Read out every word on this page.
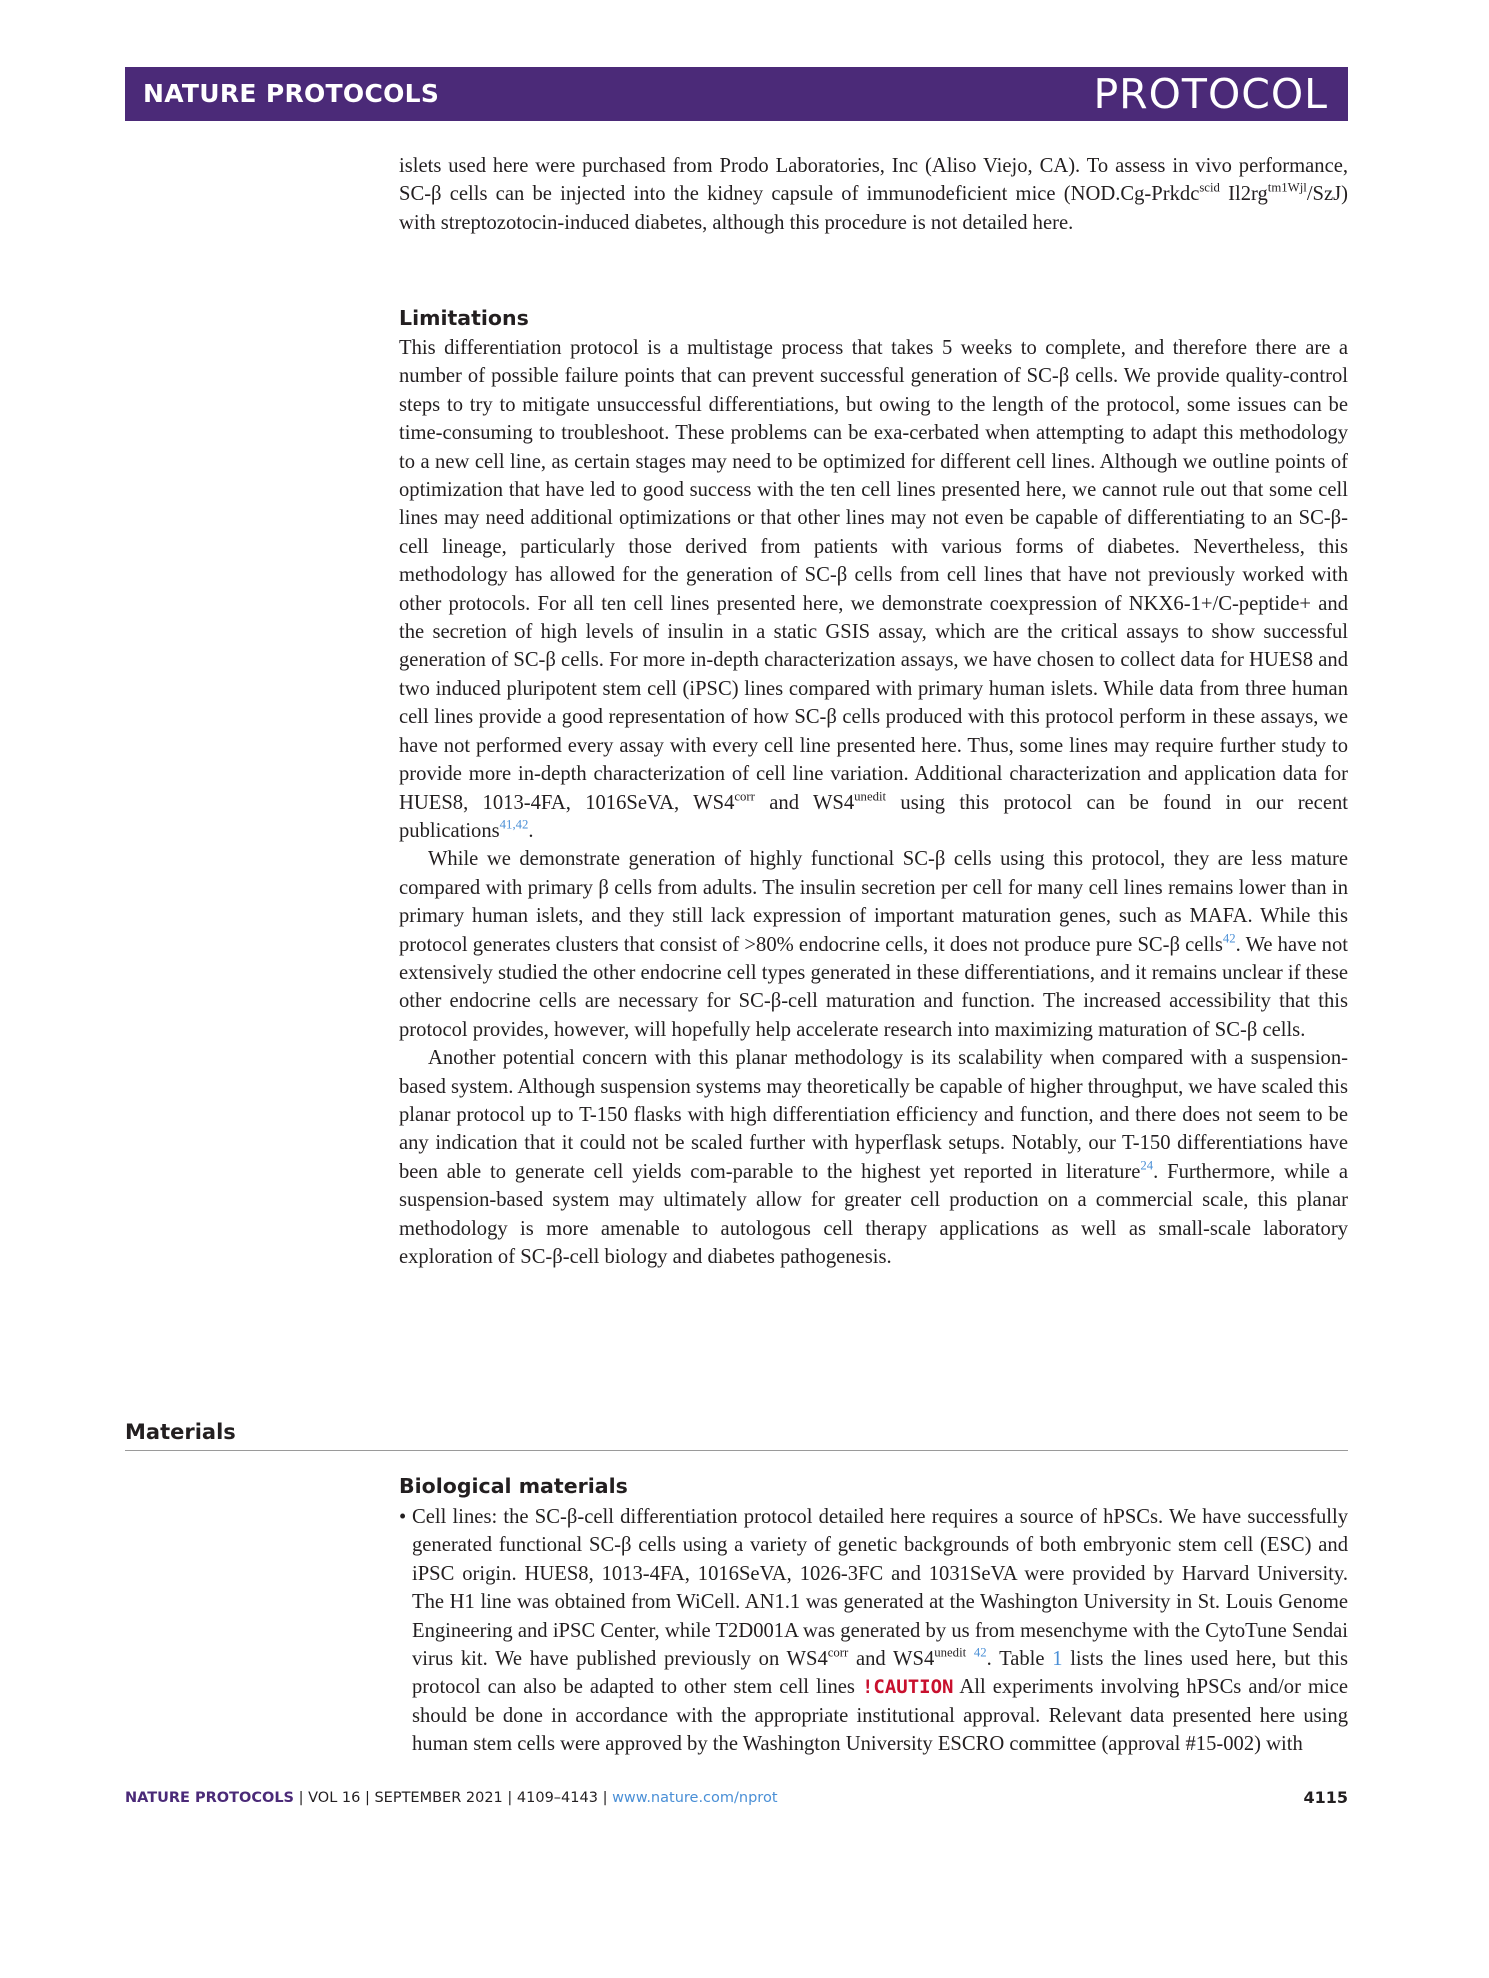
NATURE PROTOCOLS	PROTOCOL

islets used here were purchased from Prodo Laboratories, Inc (Aliso Viejo, CA). To assess in vivo performance, SC-β cells can be injected into the kidney capsule of immunodeficient mice (NOD.Cg-Prkdc$^{scid}$ $Il2rg^{tm1Wjl}/SzJ$) with streptozotocin-induced diabetes, although this procedure is not detailed here.

Limitations

This differentiation protocol is a multistage process that takes 5 weeks to complete, and therefore there are a number of possible failure points that can prevent successful generation of SC-β cells. We provide quality-control steps to try to mitigate unsuccessful differentiations, but owing to the length of the protocol, some issues can be time-consuming to troubleshoot. These problems can be exa-cerbated when attempting to adapt this methodology to a new cell line, as certain stages may need to be optimized for different cell lines. Although we outline points of optimization that have led to good success with the ten cell lines presented here, we cannot rule out that some cell lines may need additional optimizations or that other lines may not even be capable of differentiating to an SC-β-cell lineage, particularly those derived from patients with various forms of diabetes. Nevertheless, this methodology has allowed for the generation of SC-β cells from cell lines that have not previously worked with other protocols. For all ten cell lines presented here, we demonstrate coexpression of NKX6-1+/C-peptide+ and the secretion of high levels of insulin in a static GSIS assay, which are the critical assays to show successful generation of SC-β cells. For more in-depth characterization assays, we have chosen to collect data for HUES8 and two induced pluripotent stem cell (iPSC) lines compared with primary human islets. While data from three human cell lines provide a good representation of how SC-β cells produced with this protocol perform in these assays, we have not performed every assay with every cell line presented here. Thus, some lines may require further study to provide more in-depth characterization of cell line variation. Additional characterization and application data for HUES8, 1013-4FA, 1016SeVA, $WS4^{corr}$ and $WS4^{unedit}$ using this protocol can be found in our recent publications$^{41,42}$.

While we demonstrate generation of highly functional SC-β cells using this protocol, they are less mature compared with primary β cells from adults. The insulin secretion per cell for many cell lines remains lower than in primary human islets, and they still lack expression of important maturation genes, such as MAFA. While this protocol generates clusters that consist of >80% endocrine cells, it does not produce pure SC-β cells$^{42}$. We have not extensively studied the other endocrine cell types generated in these differentiations, and it remains unclear if these other endocrine cells are necessary for SC-β-cell maturation and function. The increased accessibility that this protocol provides, however, will hopefully help accelerate research into maximizing maturation of SC-β cells.

Another potential concern with this planar methodology is its scalability when compared with a suspension-based system. Although suspension systems may theoretically be capable of higher throughput, we have scaled this planar protocol up to T-150 flasks with high differentiation efficiency and function, and there does not seem to be any indication that it could not be scaled further with hyperflask setups. Notably, our T-150 differentiations have been able to generate cell yields com-parable to the highest yet reported in literature$^{24}$. Furthermore, while a suspension-based system may ultimately allow for greater cell production on a commercial scale, this planar methodology is more amenable to autologous cell therapy applications as well as small-scale laboratory exploration of SC-β-cell biology and diabetes pathogenesis.

Materials
Biological materials
• Cell lines: the SC-β-cell differentiation protocol detailed here requires a source of hPSCs. We have successfully generated functional SC-β cells using a variety of genetic backgrounds of both embryonic stem cell (ESC) and iPSC origin. HUES8, 1013-4FA, 1016SeVA, 1026-3FC and 1031SeVA were provided by Harvard University. The H1 line was obtained from WiCell. AN1.1 was generated at the Washington University in St. Louis Genome Engineering and iPSC Center, while T2D001A was generated by us from mesenchyme with the CytoTune Sendai virus kit. We have published previously on $WS4^{corr}$ and $WS4^{unedit}$ $^{42}$. Table 1 lists the lines used here, but this protocol can also be adapted to other stem cell lines !CAUTION All experiments involving hPSCs and/or mice should be done in accordance with the appropriate institutional approval. Relevant data presented here using human stem cells were approved by the Washington University ESCRO committee (approval #15-002) with
NATURE PROTOCOLS | VOL 16 | SEPTEMBER 2021 | 4109–4143 | www.nature.com/nprot	4115
